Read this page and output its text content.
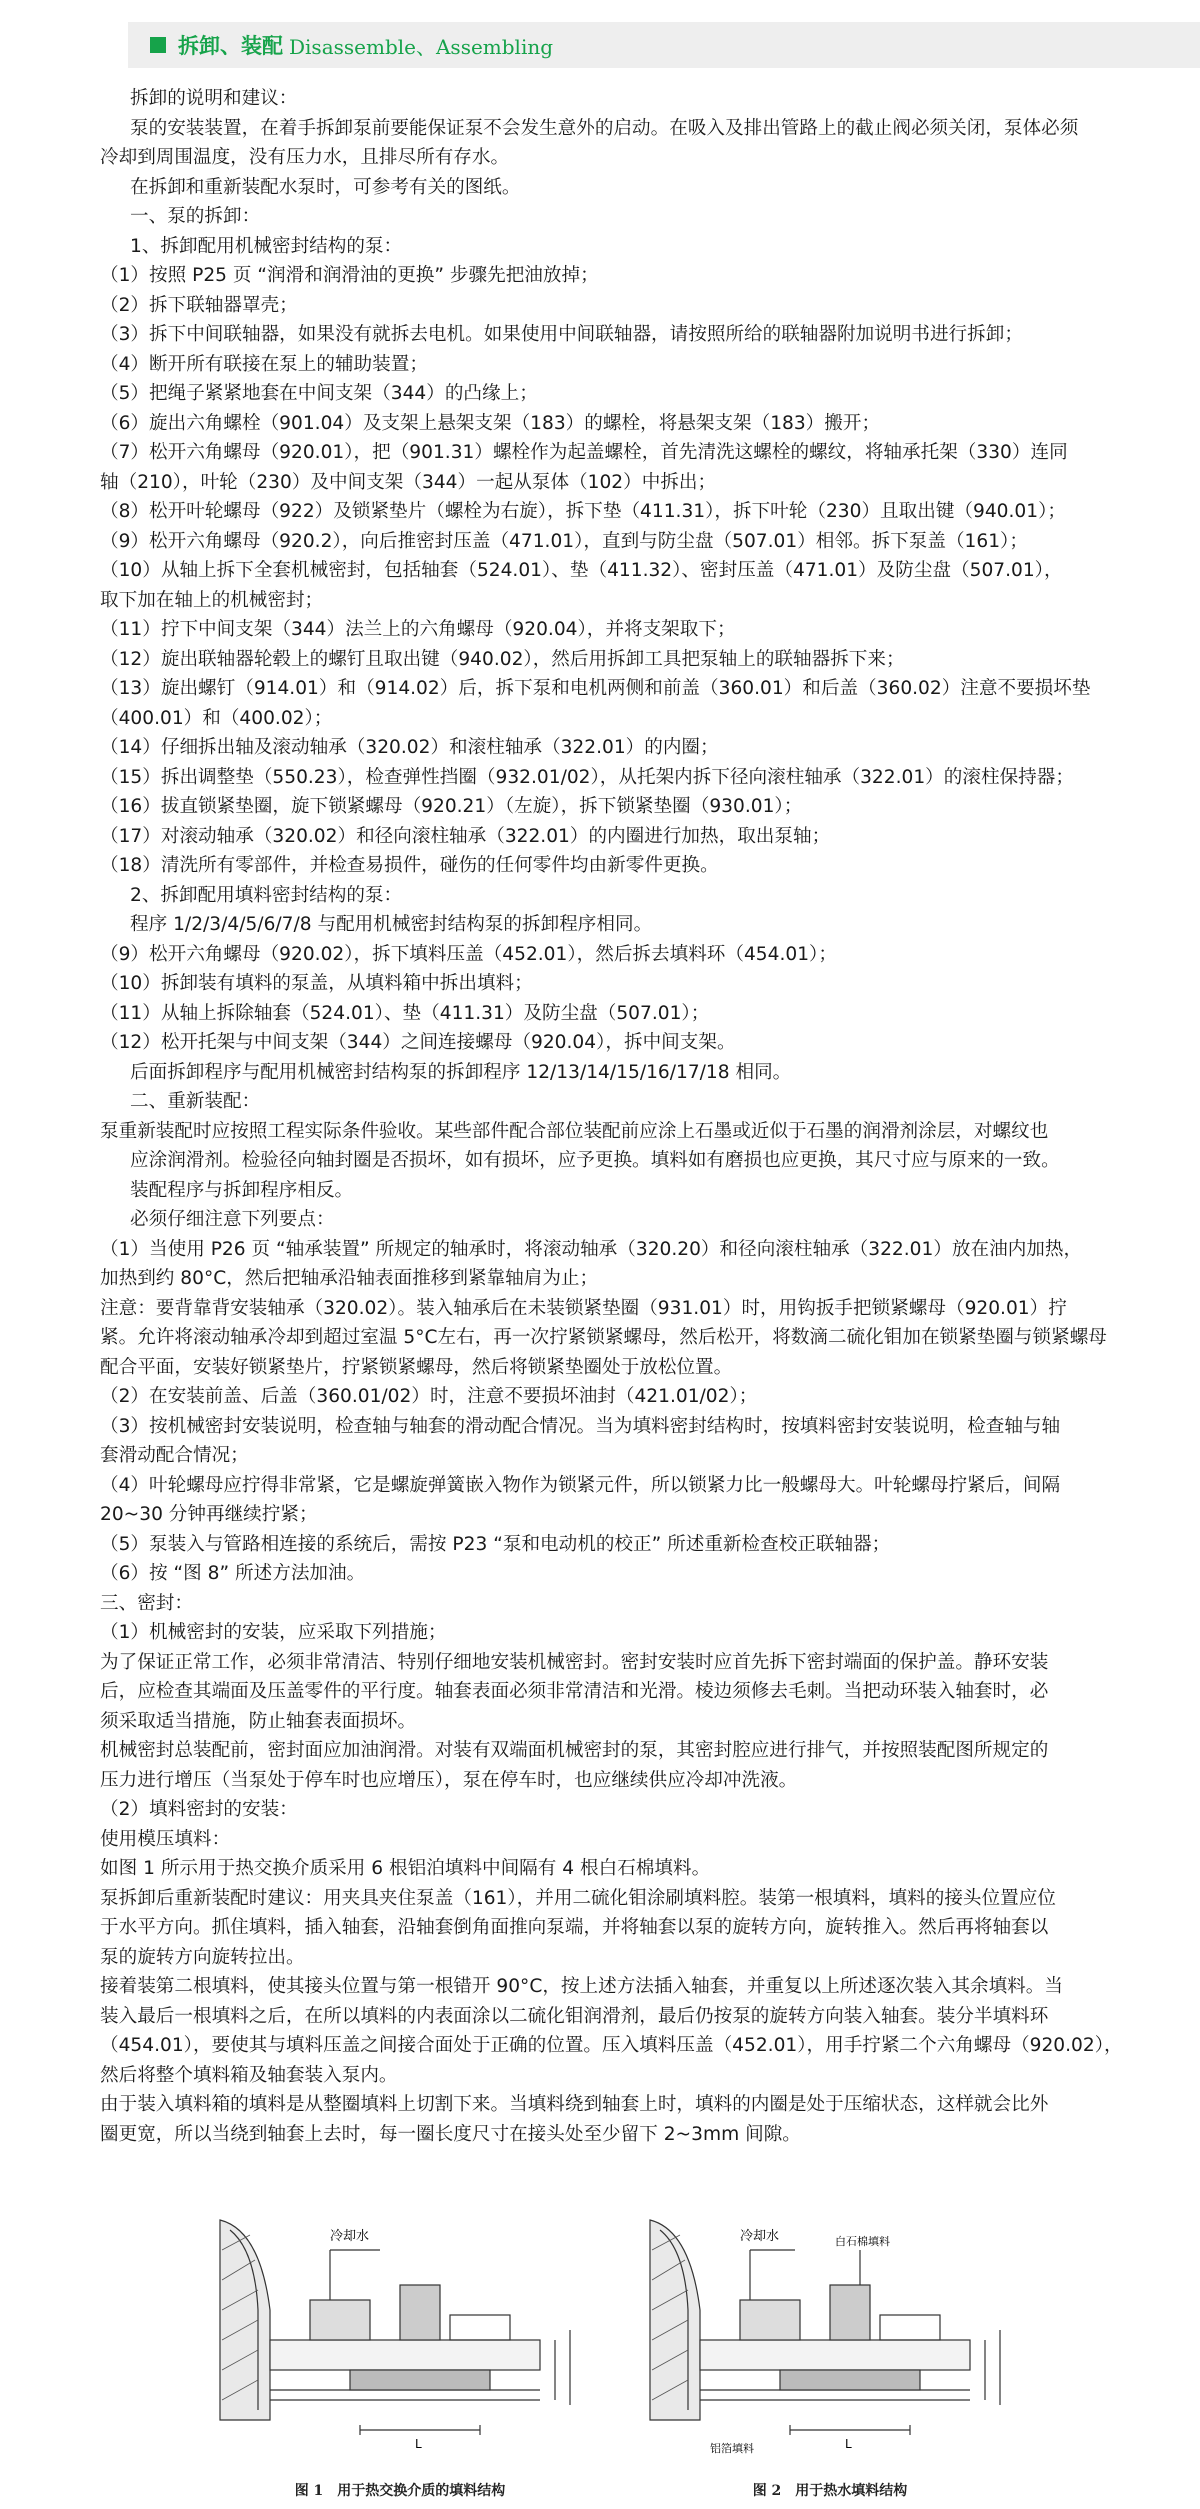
拆卸、装配 Disassemble、Assembling

拆卸的说明和建议：

泵的安装装置，在着手拆卸泵前要能保证泵不会发生意外的启动。在吸入及排出管路上的截止阀必须关闭，泵体必须

冷却到周围温度，没有压力水，且排尽所有存水。

在拆卸和重新装配水泵时，可参考有关的图纸。

一、泵的拆卸：

1、拆卸配用机械密封结构的泵：

（1）按照 P25 页 “润滑和润滑油的更换” 步骤先把油放掉；

（2）拆下联轴器罩壳；

（3）拆下中间联轴器，如果没有就拆去电机。如果使用中间联轴器，请按照所给的联轴器附加说明书进行拆卸；

（4）断开所有联接在泵上的辅助装置；

（5）把绳子紧紧地套在中间支架（344）的凸缘上；

（6）旋出六角螺栓（901.04）及支架上悬架支架（183）的螺栓，将悬架支架（183）搬开；

（7）松开六角螺母（920.01），把（901.31）螺栓作为起盖螺栓，首先清洗这螺栓的螺纹，将轴承托架（330）连同

轴（210），叶轮（230）及中间支架（344）一起从泵体（102）中拆出；

（8）松开叶轮螺母（922）及锁紧垫片（螺栓为右旋），拆下垫（411.31），拆下叶轮（230）且取出键（940.01）；

（9）松开六角螺母（920.2），向后推密封压盖（471.01），直到与防尘盘（507.01）相邻。拆下泵盖（161）；

（10）从轴上拆下全套机械密封，包括轴套（524.01）、垫（411.32）、密封压盖（471.01）及防尘盘（507.01），

取下加在轴上的机械密封；

（11）拧下中间支架（344）法兰上的六角螺母（920.04），并将支架取下；

（12）旋出联轴器轮毂上的螺钉且取出键（940.02），然后用拆卸工具把泵轴上的联轴器拆下来；

（13）旋出螺钉（914.01）和（914.02）后，拆下泵和电机两侧和前盖（360.01）和后盖（360.02）注意不要损坏垫

（400.01）和（400.02）；

（14）仔细拆出轴及滚动轴承（320.02）和滚柱轴承（322.01）的内圈；

（15）拆出调整垫（550.23），检查弹性挡圈（932.01/02），从托架内拆下径向滚柱轴承（322.01）的滚柱保持器；

（16）拔直锁紧垫圈，旋下锁紧螺母（920.21）（左旋），拆下锁紧垫圈（930.01）；

（17）对滚动轴承（320.02）和径向滚柱轴承（322.01）的内圈进行加热，取出泵轴；

（18）清洗所有零部件，并检查易损件，碰伤的任何零件均由新零件更换。

2、拆卸配用填料密封结构的泵：

程序 1/2/3/4/5/6/7/8 与配用机械密封结构泵的拆卸程序相同。

（9）松开六角螺母（920.02），拆下填料压盖（452.01），然后拆去填料环（454.01）；

（10）拆卸装有填料的泵盖，从填料箱中拆出填料；

（11）从轴上拆除轴套（524.01）、垫（411.31）及防尘盘（507.01）；

（12）松开托架与中间支架（344）之间连接螺母（920.04），拆中间支架。

后面拆卸程序与配用机械密封结构泵的拆卸程序 12/13/14/15/16/17/18 相同。

二、重新装配：

泵重新装配时应按照工程实际条件验收。某些部件配合部位装配前应涂上石墨或近似于石墨的润滑剂涂层，对螺纹也

应涂润滑剂。检验径向轴封圈是否损坏，如有损坏，应予更换。填料如有磨损也应更换，其尺寸应与原来的一致。

装配程序与拆卸程序相反。

必须仔细注意下列要点：

（1）当使用 P26 页 “轴承装置” 所规定的轴承时，将滚动轴承（320.20）和径向滚柱轴承（322.01）放在油内加热，

加热到约 80°C，然后把轴承沿轴表面推移到紧靠轴肩为止；

注意：要背靠背安装轴承（320.02）。装入轴承后在未装锁紧垫圈（931.01）时，用钩扳手把锁紧螺母（920.01）拧

紧。允许将滚动轴承冷却到超过室温 5°C左右，再一次拧紧锁紧螺母，然后松开，将数滴二硫化钼加在锁紧垫圈与锁紧螺母

配合平面，安装好锁紧垫片，拧紧锁紧螺母，然后将锁紧垫圈处于放松位置。

（2）在安装前盖、后盖（360.01/02）时，注意不要损坏油封（421.01/02）；

（3）按机械密封安装说明，检查轴与轴套的滑动配合情况。当为填料密封结构时，按填料密封安装说明，检查轴与轴

套滑动配合情况；

（4）叶轮螺母应拧得非常紧，它是螺旋弹簧嵌入物作为锁紧元件，所以锁紧力比一般螺母大。叶轮螺母拧紧后，间隔

20~30 分钟再继续拧紧；

（5）泵装入与管路相连接的系统后，需按 P23 “泵和电动机的校正” 所述重新检查校正联轴器；

（6）按 “图 8” 所述方法加油。

三、密封：

（1）机械密封的安装，应采取下列措施；

为了保证正常工作，必须非常清洁、特别仔细地安装机械密封。密封安装时应首先拆下密封端面的保护盖。静环安装

后，应检查其端面及压盖零件的平行度。轴套表面必须非常清洁和光滑。棱边须修去毛刺。当把动环装入轴套时，必

须采取适当措施，防止轴套表面损坏。

机械密封总装配前，密封面应加油润滑。对装有双端面机械密封的泵，其密封腔应进行排气，并按照装配图所规定的

压力进行增压（当泵处于停车时也应增压），泵在停车时，也应继续供应冷却冲洗液。

（2）填料密封的安装：

使用模压填料：

如图 1 所示用于热交换介质采用 6 根铝泊填料中间隔有 4 根白石棉填料。

泵拆卸后重新装配时建议：用夹具夹住泵盖（161），并用二硫化钼涂刷填料腔。装第一根填料，填料的接头位置应位

于水平方向。抓住填料，插入轴套，沿轴套倒角面推向泵端，并将轴套以泵的旋转方向，旋转推入。然后再将轴套以

泵的旋转方向旋转拉出。

接着装第二根填料，使其接头位置与第一根错开 90°C，按上述方法插入轴套，并重复以上所述逐次装入其余填料。当

装入最后一根填料之后，在所以填料的内表面涂以二硫化钼润滑剂，最后仍按泵的旋转方向装入轴套。装分半填料环

（454.01），要使其与填料压盖之间接合面处于正确的位置。压入填料压盖（452.01），用手拧紧二个六角螺母（920.02），

然后将整个填料箱及轴套装入泵内。

由于装入填料箱的填料是从整圈填料上切割下来。当填料绕到轴套上时，填料的内圈是处于压缩状态，这样就会比外

圈更宽，所以当绕到轴套上去时，每一圈长度尺寸在接头处至少留下 2~3mm 间隙。

冷却水
L
图 1　用于热交换介质的填料结构
冷却水	白石棉填料
铝箔填料	L
图 2　用于热水填料结构
